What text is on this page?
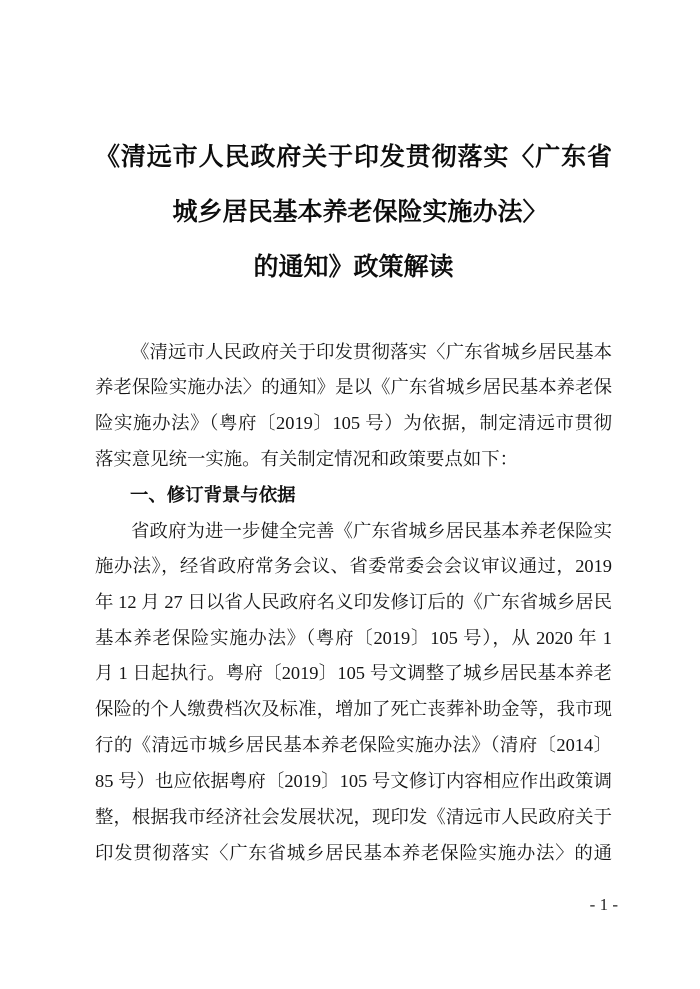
《清远市人民政府关于印发贯彻落实〈广东省
城乡居民基本养老保险实施办法〉
的通知》政策解读
《清远市人民政府关于印发贯彻落实〈广东省城乡居民基本
养老保险实施办法〉的通知》是以《广东省城乡居民基本养老保
险实施办法》（粤府〔2019〕105 号）为依据，制定清远市贯彻
落实意见统一实施。有关制定情况和政策要点如下：
一、修订背景与依据
省政府为进一步健全完善《广东省城乡居民基本养老保险实
施办法》，经省政府常务会议、省委常委会会议审议通过，2019
年 12 月 27 日以省人民政府名义印发修订后的《广东省城乡居民
基本养老保险实施办法》（粤府〔2019〕105 号），从 2020 年 1
月 1 日起执行。粤府〔2019〕105 号文调整了城乡居民基本养老
保险的个人缴费档次及标准，增加了死亡丧葬补助金等，我市现
行的《清远市城乡居民基本养老保险实施办法》（清府〔2014〕
85 号）也应依据粤府〔2019〕105 号文修订内容相应作出政策调
整，根据我市经济社会发展状况，现印发《清远市人民政府关于
印发贯彻落实〈广东省城乡居民基本养老保险实施办法〉的通
- 1 -
